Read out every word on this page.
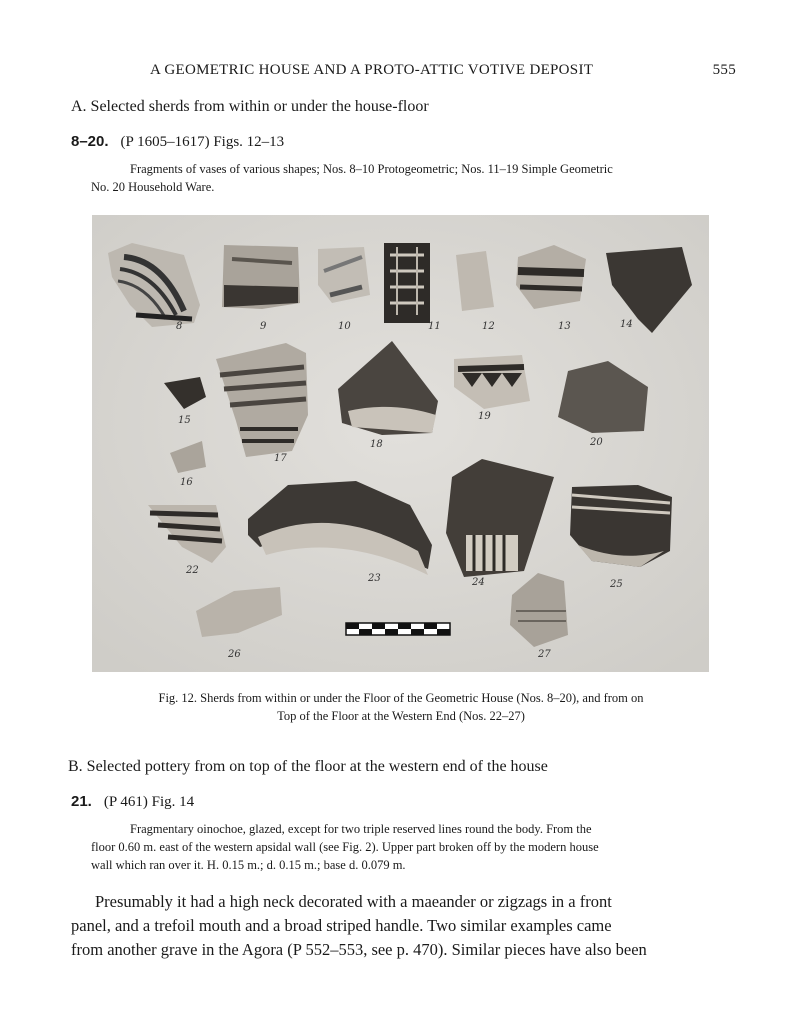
A GEOMETRIC HOUSE AND A PROTO-ATTIC VOTIVE DEPOSIT	555
A. Selected sherds from within or under the house-floor
8–20. (P 1605–1617) Figs. 12–13
Fragments of vases of various shapes; Nos. 8–10 Protogeometric; Nos. 11–19 Simple Geometric
No. 20 Household Ware.
8	9	10	11	12	13	14
15
16
17
18
19
20
22
23	24	25
26	27
Fig. 12. Sherds from within or under the Floor of the Geometric House (Nos. 8–20), and from on
Top of the Floor at the Western End (Nos. 22–27)
B. Selected pottery from on top of the floor at the western end of the house
21. (P 461) Fig. 14
Fragmentary oinochoe, glazed, except for two triple reserved lines round the body. From the
floor 0.60 m. east of the western apsidal wall (see Fig. 2). Upper part broken off by the modern house
wall which ran over it. H. 0.15 m.; d. 0.15 m.; base d. 0.079 m.
Presumably it had a high neck decorated with a maeander or zigzags in a front
panel, and a trefoil mouth and a broad striped handle. Two similar examples came
from another grave in the Agora (P 552–553, see p. 470). Similar pieces have also been
